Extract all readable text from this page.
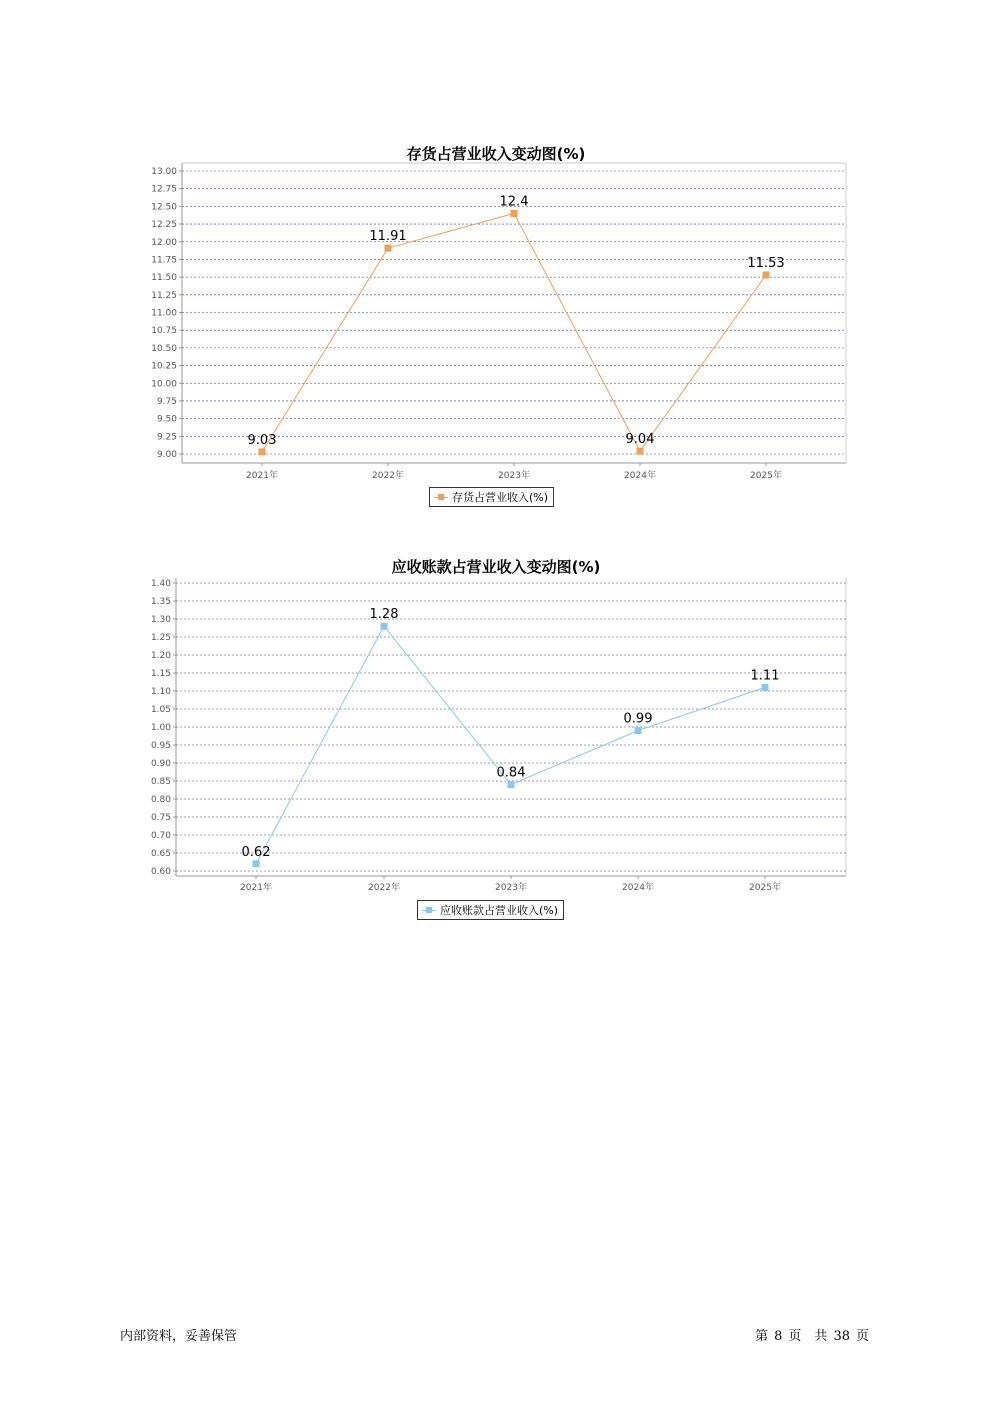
存货占营业收入变动图(%)
9.00
9.25
9.50
9.75
10.00
10.25
10.50
10.75
11.00
11.25
11.50
11.75
12.00
12.25
12.50
12.75
13.00
2021年	2022年	2023年	2024年	2025年
9.03
11.91
12.4
9.04
11.53
存货占营业收入(%)
应收账款占营业收入变动图(%)
0.60
0.65
0.70
0.75
0.80
0.85
0.90
0.95
1.00
1.05
1.10
1.15
1.20
1.25
1.30
1.35
1.40
2021年	2022年	2023年	2024年	2025年
0.62
1.28
0.84
0.99
1.11
应收账款占营业收入(%)
内部资料，妥善保管	第 8 页　共 38 页
